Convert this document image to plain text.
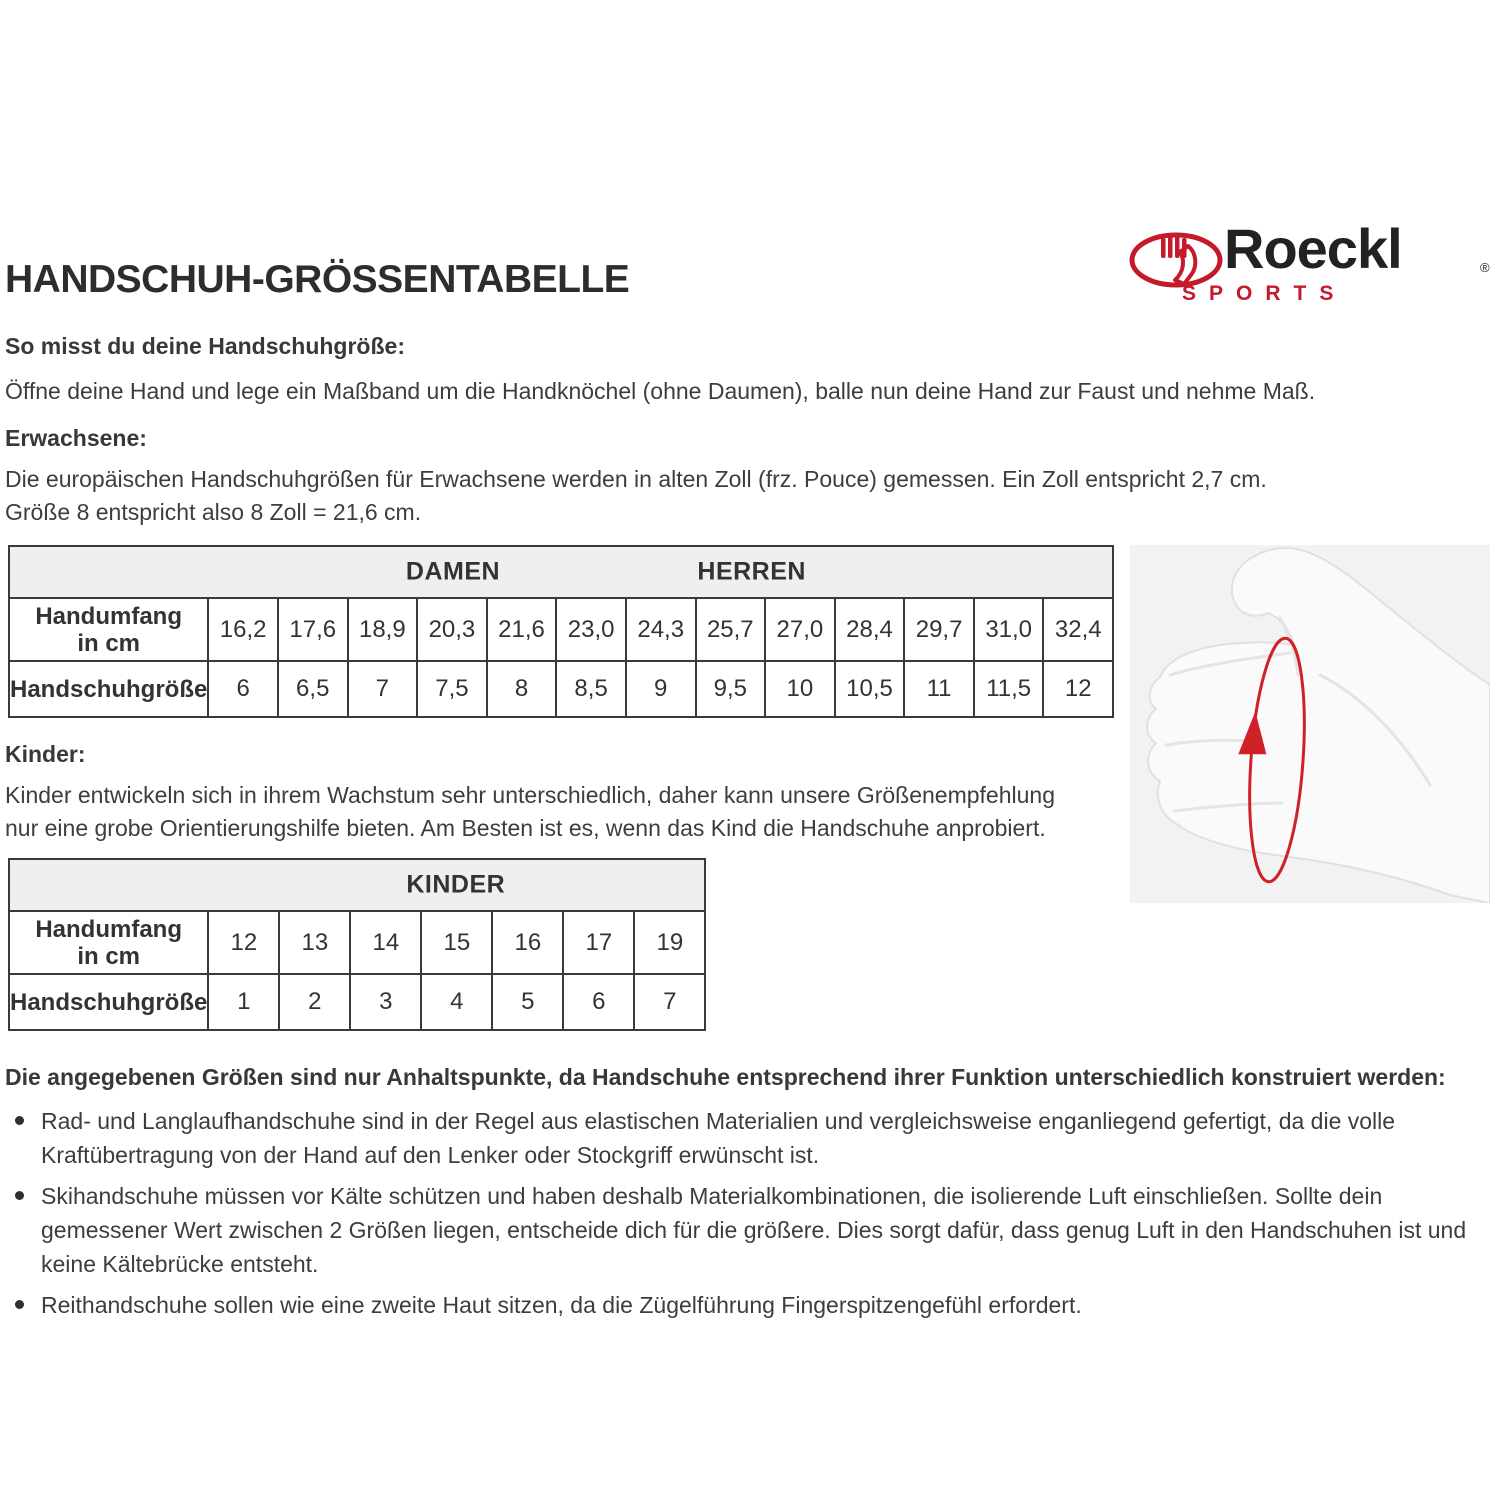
Roeckl	®
SPORTS
HANDSCHUH-GRÖSSENTABELLE
So misst du deine Handschuhgröße:
Öffne deine Hand und lege ein Maßband um die Handknöchel (ohne Daumen), balle nun deine Hand zur Faust und nehme Maß.
Erwachsene:
Die europäischen Handschuhgrößen für Erwachsene werden in alten Zoll (frz. Pouce) gemessen. Ein Zoll entspricht 2,7 cm.
Größe 8 entspricht also 8 Zoll = 21,6 cm.
DAMEN HERREN													

Handumfang
in cm	16,2	17,6	18,9	20,3	21,6	23,0	24,3	25,7	27,0	28,4	29,7	31,0	32,4
Handschuhgröße	6	6,5	7	7,5	8	8,5	9	9,5	10	10,5	11	11,5	12
Kinder:
Kinder entwickeln sich in ihrem Wachstum sehr unterschiedlich, daher kann unsere Größenempfehlung nur eine grobe Orientierungshilfe bieten. Am Besten ist es, wenn das Kind die Handschuhe anprobiert.
KINDER							

Handumfang
in cm	12	13	14	15	16	17	19
Handschuhgröße	1	2	3	4	5	6	7
Die angegebenen Größen sind nur Anhaltspunkte, da Handschuhe entsprechend ihrer Funktion unterschiedlich konstruiert werden:
Rad- und Langlaufhandschuhe sind in der Regel aus elastischen Materialien und vergleichsweise enganliegend gefertigt, da die volle Kraftübertragung von der Hand auf den Lenker oder Stockgriff erwünscht ist.
Skihandschuhe müssen vor Kälte schützen und haben deshalb Materialkombinationen, die isolierende Luft einschließen. Sollte dein gemessener Wert zwischen 2 Größen liegen, entscheide dich für die größere. Dies sorgt dafür, dass genug Luft in den Handschuhen ist und keine Kältebrücke entsteht.
Reithandschuhe sollen wie eine zweite Haut sitzen, da die Zügelführung Fingerspitzengefühl erfordert.
